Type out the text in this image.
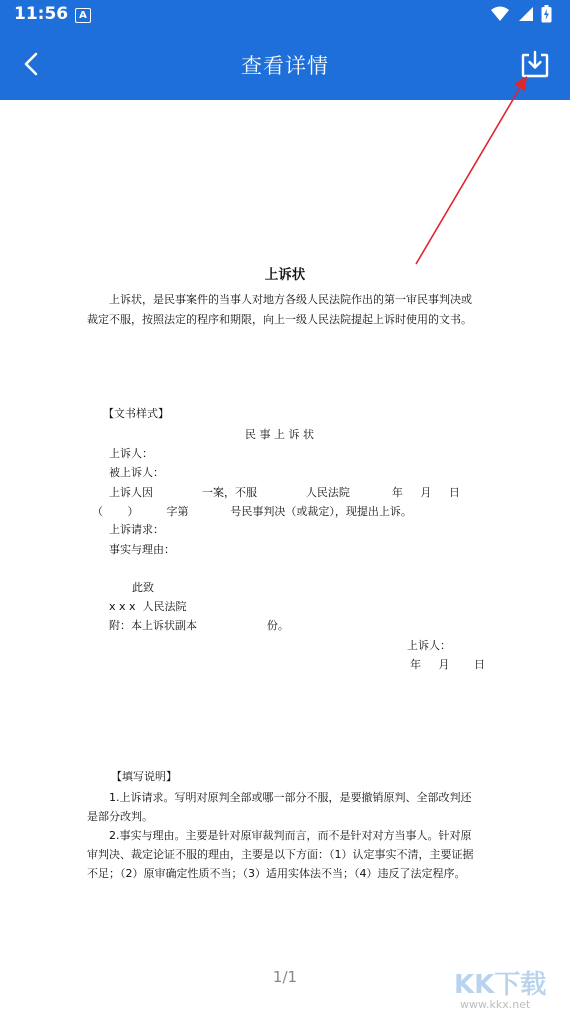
11:56	A
查看详情
上诉状
上诉状，是民事案件的当事人对地方各级人民法院作出的第一审民事判决或
裁定不服，按照法定的程序和期限，向上一级人民法院提起上诉时使用的文书。
【文书样式】
民 事 上 诉 状
上诉人：
被上诉人：
上诉人因              一案，不服              人民法院            年     月     日
（       ）        字第            号民事判决（或裁定），现提出上诉。
上诉请求：
事实与理由：
此致
x x x  人民法院
附：本上诉状副本                    份。
上诉人：
年     月       日
【填写说明】
1.上诉请求。写明对原判全部或哪一部分不服，是要撤销原判、全部改判还
是部分改判。
2.事实与理由。主要是针对原审裁判而言，而不是针对对方当事人。针对原
审判决、裁定论证不服的理由，主要是以下方面：（1）认定事实不清，主要证据
不足；（2）原审确定性质不当；（3）适用实体法不当；（4）违反了法定程序。
1/1	KK下载
www.kkx.net
